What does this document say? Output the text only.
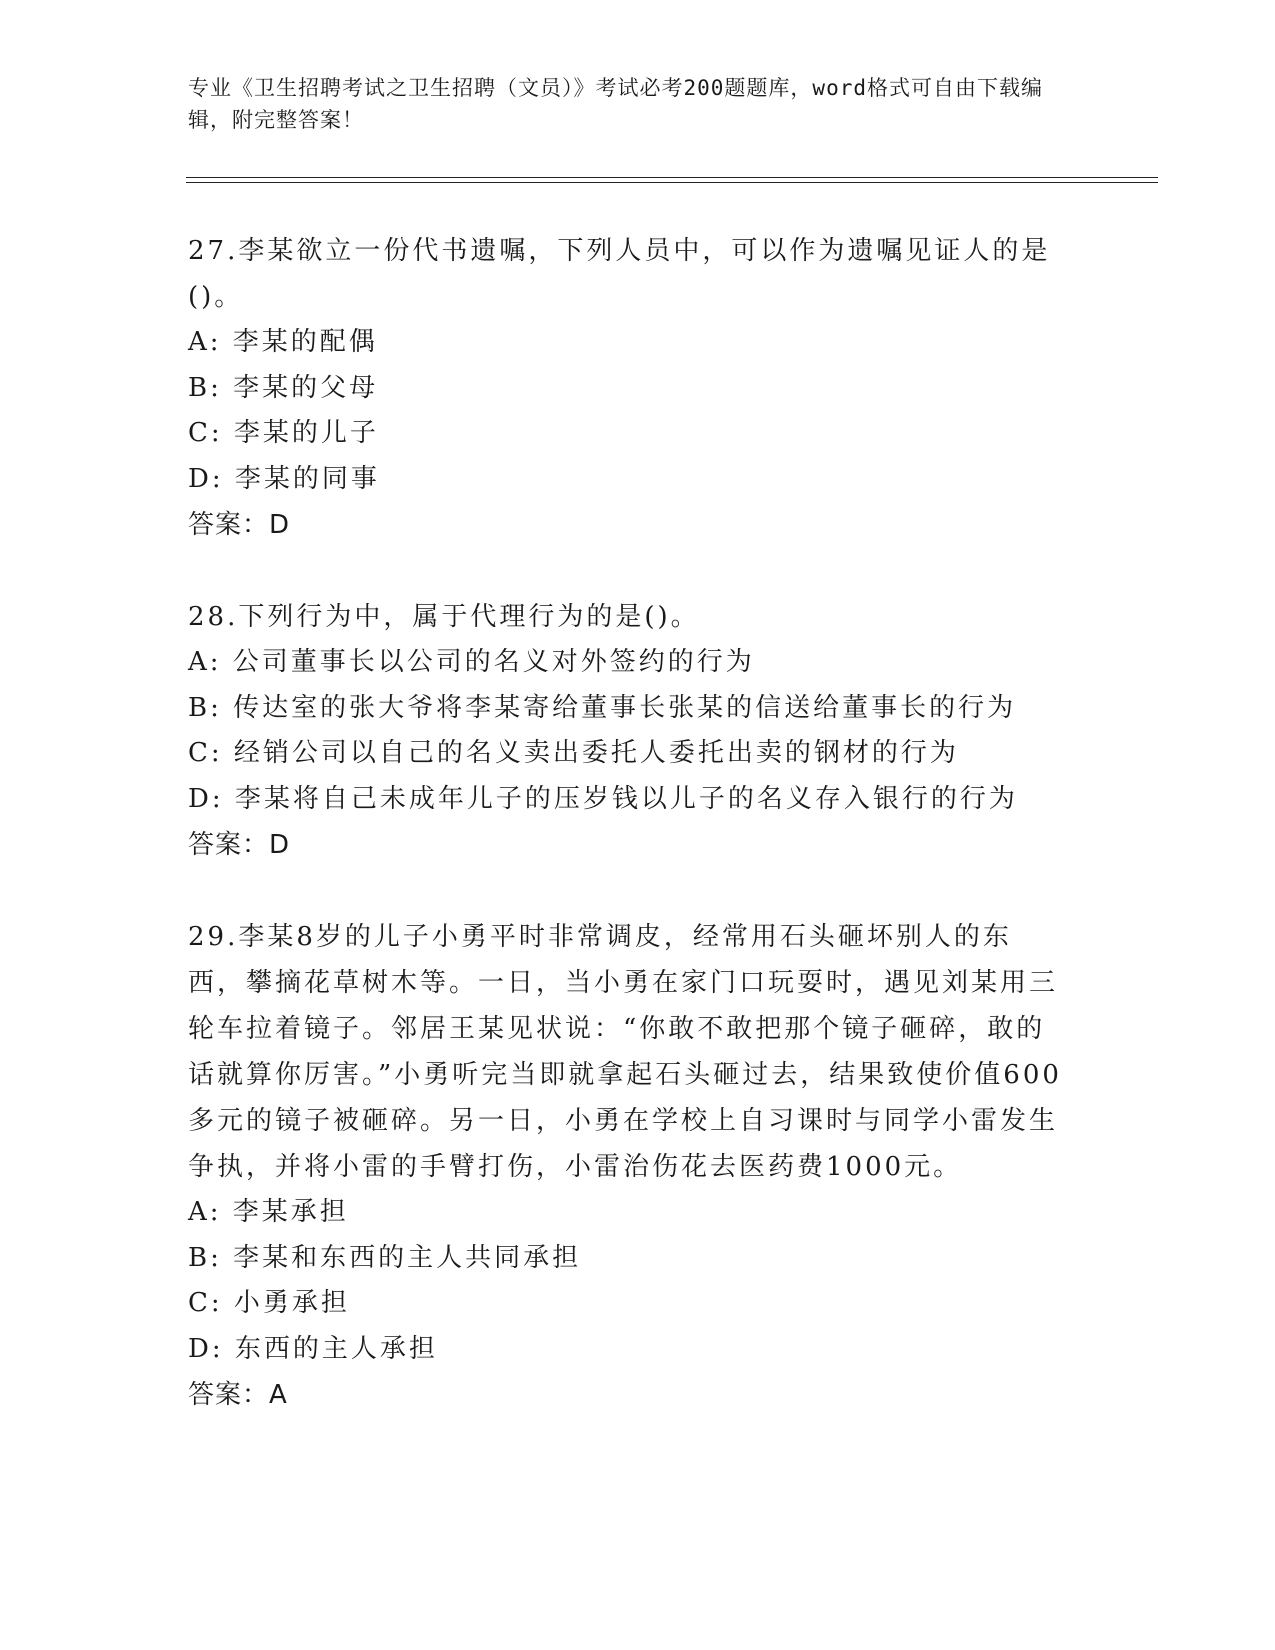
专业《卫生招聘考试之卫生招聘（文员）》考试必考200题题库，word格式可自由下载编辑，附完整答案！
27.李某欲立一份代书遗嘱，下列人员中，可以作为遗嘱见证人的是()。
A: 李某的配偶
B: 李某的父母
C: 李某的儿子
D: 李某的同事
答案：D
28.下列行为中，属于代理行为的是()。
A: 公司董事长以公司的名义对外签约的行为
B: 传达室的张大爷将李某寄给董事长张某的信送给董事长的行为
C: 经销公司以自己的名义卖出委托人委托出卖的钢材的行为
D: 李某将自己未成年儿子的压岁钱以儿子的名义存入银行的行为
答案：D
29.李某8岁的儿子小勇平时非常调皮，经常用石头砸坏别人的东西，攀摘花草树木等。一日，当小勇在家门口玩耍时，遇见刘某用三轮车拉着镜子。邻居王某见状说：“你敢不敢把那个镜子砸碎，敢的话就算你厉害。”小勇听完当即就拿起石头砸过去，结果致使价值600多元的镜子被砸碎。另一日，小勇在学校上自习课时与同学小雷发生争执，并将小雷的手臂打伤，小雷治伤花去医药费1000元。
A: 李某承担
B: 李某和东西的主人共同承担
C: 小勇承担
D: 东西的主人承担
答案：A
